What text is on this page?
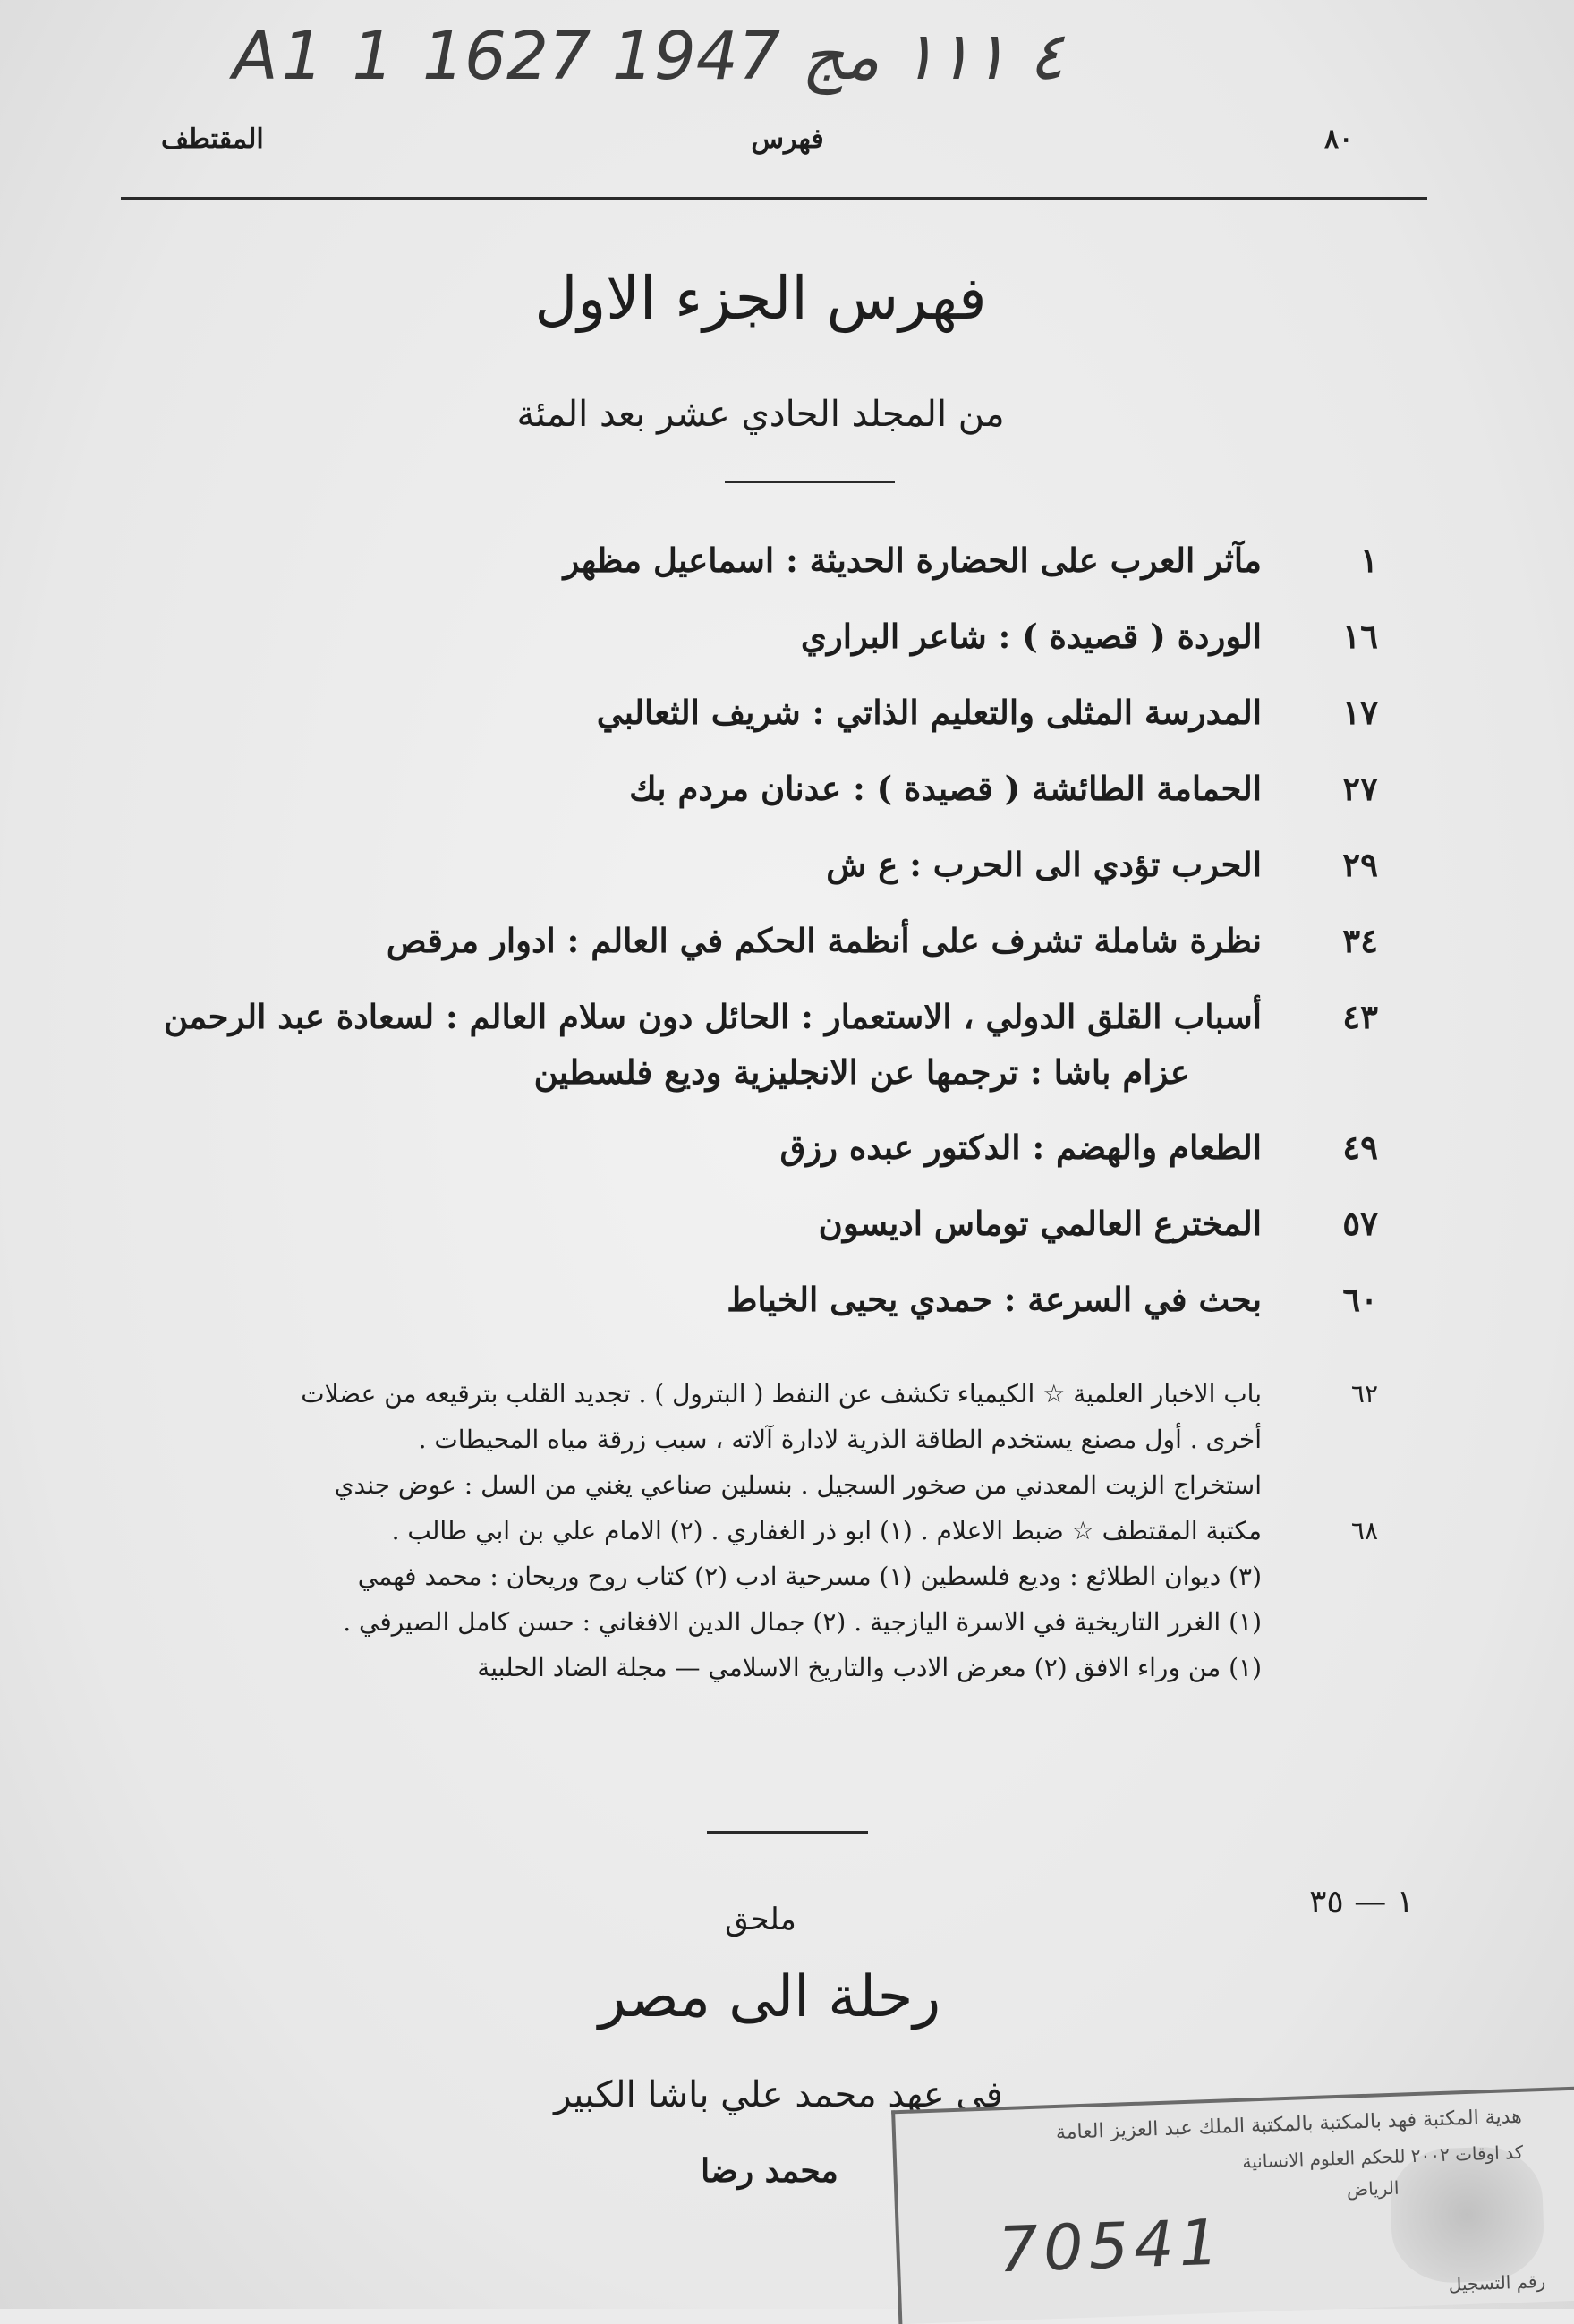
A1 1 ٤ ١١١ مج 1947 1627
٨٠
فهرس
المقتطف
فهرس الجزء الاول
من المجلد الحادي عشر بعد المئة
١
مآثر العرب على الحضارة الحديثة : اسماعيل مظهر
١٦
الوردة ( قصيدة ) : شاعر البراري
١٧
المدرسة المثلى والتعليم الذاتي : شريف الثعالبي
٢٧
الحمامة الطائشة ( قصيدة ) : عدنان مردم بك
٢٩
الحرب تؤدي الى الحرب : ع ش
٣٤
نظرة شاملة تشرف على أنظمة الحكم في العالم : ادوار مرقص
٤٣
أسباب القلق الدولي ، الاستعمار : الحائل دون سلام العالم : لسعادة عبد الرحمن
عزام باشا : ترجمها عن الانجليزية وديع فلسطين
٤٩
الطعام والهضم : الدكتور عبده رزق
٥٧
المخترع العالمي توماس اديسون
٦٠
بحث في السرعة : حمدي يحيى الخياط
٦٢
باب الاخبار العلمية ☆ الكيمياء تكشف عن النفط ( البترول ) . تجديد القلب بترقيعه من عضلات
أخرى . أول مصنع يستخدم الطاقة الذرية لادارة آلاته ، سبب زرقة مياه المحيطات .
استخراج الزيت المعدني من صخور السجيل . بنسلين صناعي يغني من السل : عوض جندي
٦٨
مكتبة المقتطف ☆ ضبط الاعلام . (١) ابو ذر الغفاري . (٢) الامام علي بن ابي طالب .
(٣) ديوان الطلائع : وديع فلسطين (١) مسرحية ادب (٢) كتاب روح وريحان : محمد فهمي
(١) الغرر التاريخية في الاسرة اليازجية . (٢) جمال الدين الافغاني : حسن كامل الصيرفي .
(١) من وراء الافق (٢) معرض الادب والتاريخ الاسلامي — مجلة الضاد الحلبية
١ — ٣٥
ملحق
رحلة الى مصر
في عهد محمد علي باشا الكبير
محمد رضا
هدية المكتبة فهد بالمكتبة بالمكتبة الملك عبد العزيز العامة
كد اوقات ٢٠٠٢ للحكم العلوم الانسانية
الرياض
70541	رقم التسجيل
